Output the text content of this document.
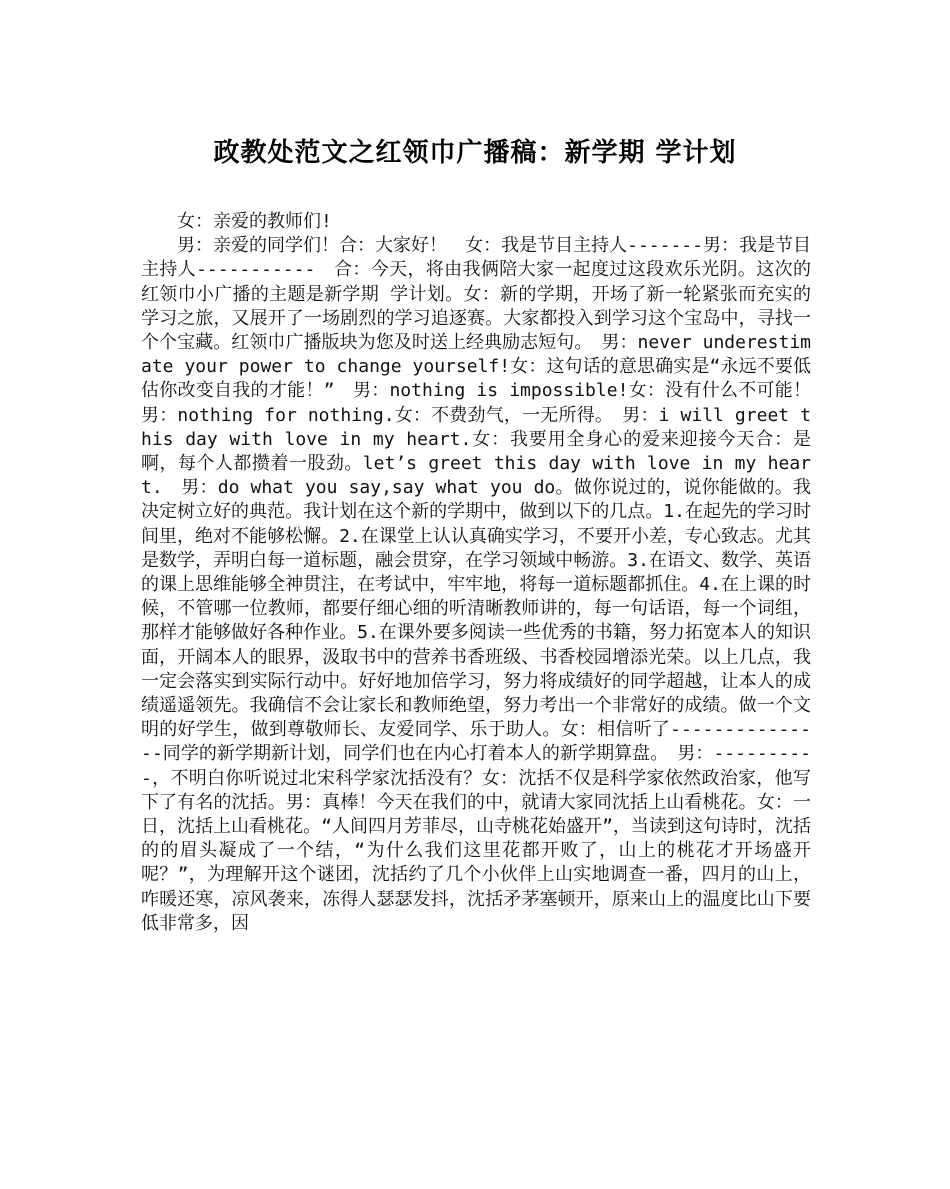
政教处范文之红领巾广播稿：新学期 学计划

女：亲爱的教师们!

男：亲爱的同学们！合：大家好！　女：我是节目主持人-------男：我是节目主持人-----------　合：今天，将由我俩陪大家一起度过这段欢乐光阴。这次的红领巾小广播的主题是新学期 学计划。女：新的学期，开场了新一轮紧张而充实的学习之旅，又展开了一场剧烈的学习追逐赛。大家都投入到学习这个宝岛中，寻找一个个宝藏。红领巾广播版块为您及时送上经典励志短句。　男：never underestimate your power to change yourself!女：这句话的意思确实是“永远不要低估你改变自我的才能！”　男：nothing is impossible!女：没有什么不可能！　男：nothing for nothing.女：不费劲气，一无所得。　男：i will greet this day with love in my heart.女：我要用全身心的爱来迎接今天合：是啊，每个人都攒着一股劲。let’s greet this day with love in my heart.　男：do what you say,say what you do。做你说过的，说你能做的。我决定树立好的典范。我计划在这个新的学期中，做到以下的几点。1.在起先的学习时间里，绝对不能够松懈。2.在课堂上认认真确实学习，不要开小差，专心致志。尤其是数学，弄明白每一道标题，融会贯穿，在学习领域中畅游。3.在语文、数学、英语的课上思维能够全神贯注，在考试中，牢牢地，将每一道标题都抓住。4.在上课的时候，不管哪一位教师，都要仔细心细的听清晰教师讲的，每一句话语，每一个词组，那样才能够做好各种作业。5.在课外要多阅读一些优秀的书籍，努力拓宽本人的知识面，开阔本人的眼界，汲取书中的营养书香班级、书香校园增添光荣。以上几点，我一定会落实到实际行动中。好好地加倍学习，努力将成绩好的同学超越，让本人的成绩遥遥领先。我确信不会让家长和教师绝望，努力考出一个非常好的成绩。做一个文明的好学生，做到尊敬师长、友爱同学、乐于助人。女：相信听了---------------同学的新学期新计划，同学们也在内心打着本人的新学期算盘。　男：----------，不明白你听说过北宋科学家沈括没有？女：沈括不仅是科学家依然政治家，他写下了有名的沈括。男：真棒！今天在我们的中，就请大家同沈括上山看桃花。女：一日，沈括上山看桃花。“人间四月芳菲尽，山寺桃花始盛开”，当读到这句诗时，沈括的的眉头凝成了一个结，“为什么我们这里花都开败了，山上的桃花才开场盛开呢？”，为理解开这个谜团，沈括约了几个小伙伴上山实地调查一番，四月的山上，咋暖还寒，凉风袭来，冻得人瑟瑟发抖，沈括矛茅塞顿开，原来山上的温度比山下要低非常多，因
